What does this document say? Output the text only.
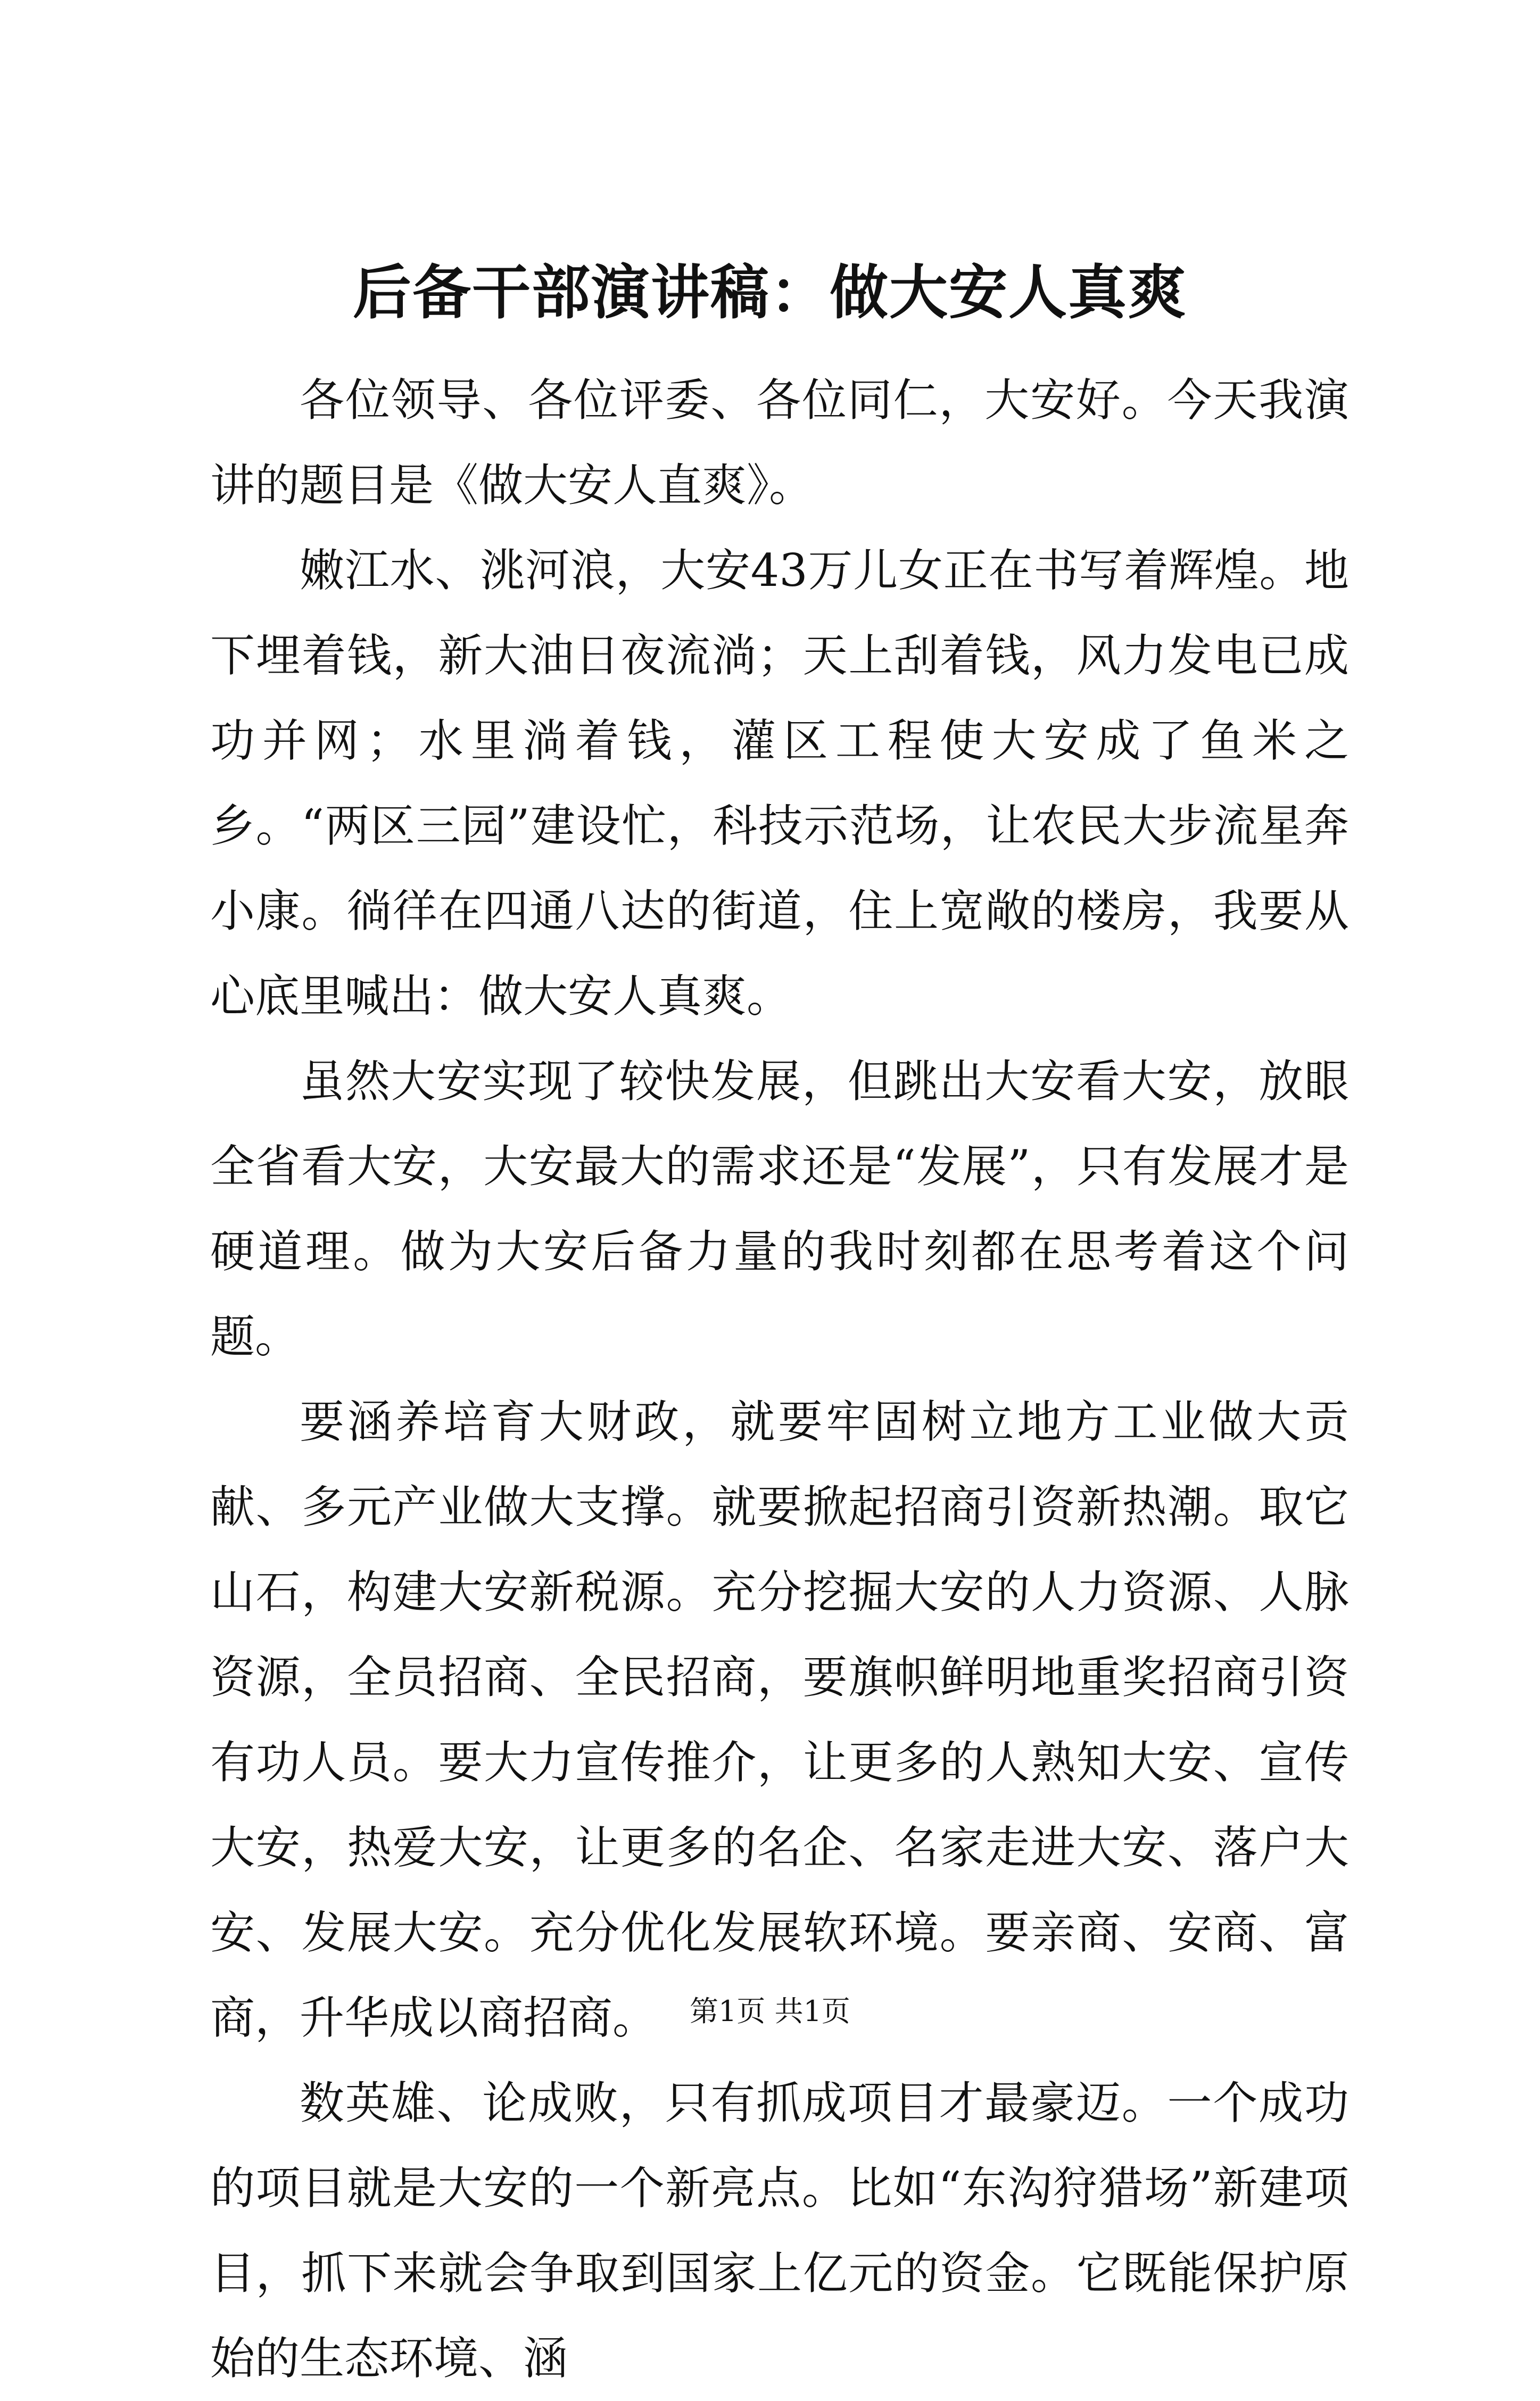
后备干部演讲稿：做大安人真爽

各位领导、各位评委、各位同仁，大安好。今天我演讲的题目是《做大安人直爽》。

嫩江水、洮河浪，大安43万儿女正在书写着辉煌。地下埋着钱，新大油日夜流淌；天上刮着钱，风力发电已成功并网；水里淌着钱，灌区工程使大安成了鱼米之乡。“两区三园”建设忙，科技示范场，让农民大步流星奔小康。徜徉在四通八达的街道，住上宽敞的楼房，我要从心底里喊出：做大安人真爽。

虽然大安实现了较快发展，但跳出大安看大安，放眼全省看大安，大安最大的需求还是“发展”，只有发展才是硬道理。做为大安后备力量的我时刻都在思考着这个问题。

要涵养培育大财政，就要牢固树立地方工业做大贡献、多元产业做大支撑。就要掀起招商引资新热潮。取它山石，构建大安新税源。充分挖掘大安的人力资源、人脉资源，全员招商、全民招商，要旗帜鲜明地重奖招商引资有功人员。要大力宣传推介，让更多的人熟知大安、宣传大安，热爱大安，让更多的名企、名家走进大安、落户大安、发展大安。充分优化发展软环境。要亲商、安商、富商，升华成以商招商。

数英雄、论成败，只有抓成项目才最豪迈。一个成功的项目就是大安的一个新亮点。比如“东沟狩猎场”新建项目，抓下来就会争取到国家上亿元的资金。它既能保护原始的生态环境、涵

第1页 共1页
